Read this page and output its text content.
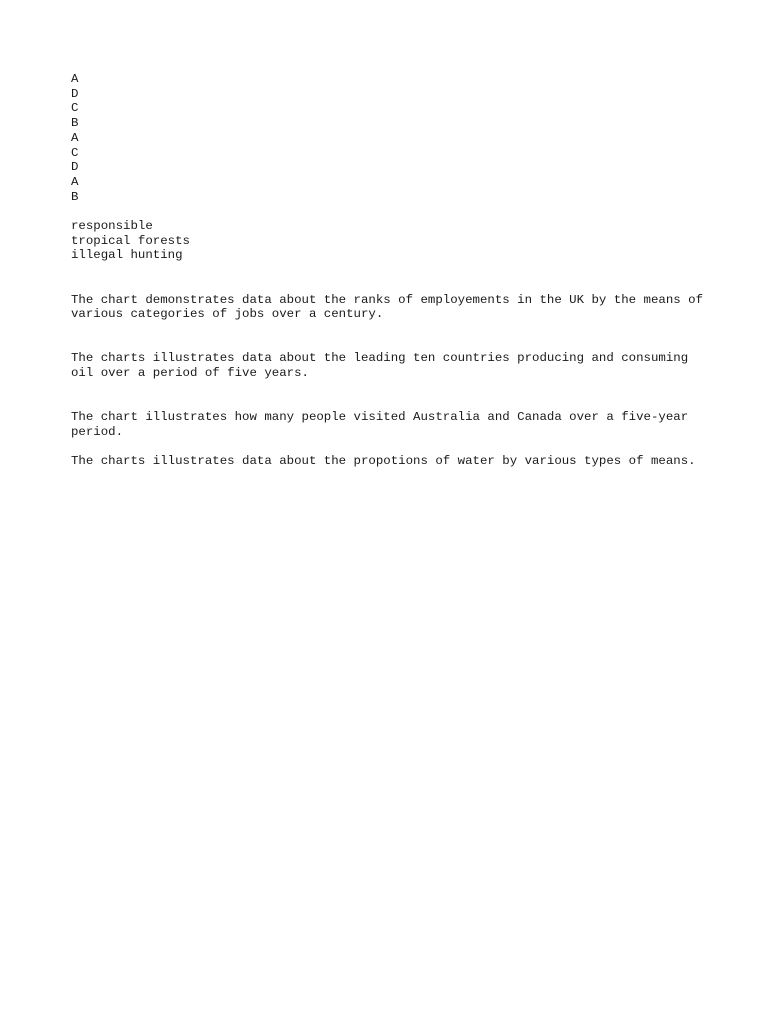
A
D
C
B
A
C
D
A
B
responsible
tropical forests
illegal hunting

The chart demonstrates data about the ranks of employements in the UK by the means of various categories of jobs over a century.

The charts illustrates data about the leading ten countries producing and consuming oil over a period of five years.

The chart illustrates how many people visited Australia and Canada over a five-year period.

The charts illustrates data about the propotions of water by various types of means.
